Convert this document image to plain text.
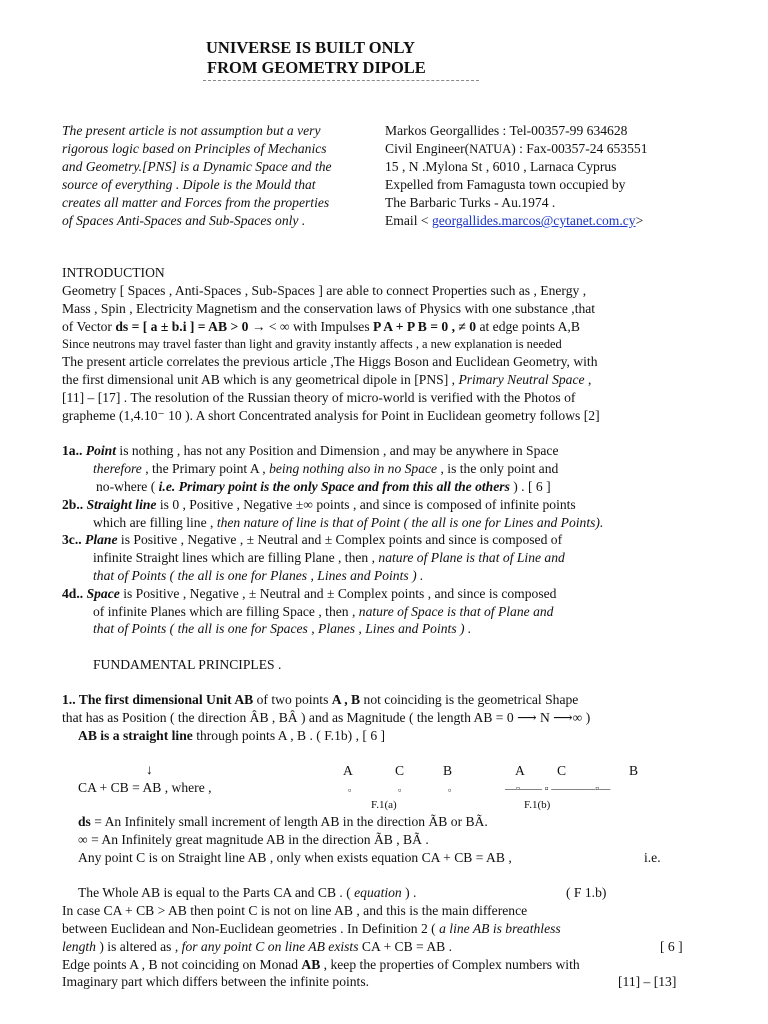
UNIVERSE IS BUILT ONLY
FROM GEOMETRY DIPOLE
The present article is not assumption but a very
rigorous logic based on Principles of Mechanics
and Geometry.[PNS] is a Dynamic Space and the
source of everything . Dipole is the Mould that
creates all matter and Forces from the properties
of Spaces Anti-Spaces and Sub-Spaces only .
Markos Georgallides : Tel-00357-99 634628
Civil Engineer(NATUA) : Fax-00357-24 653551
15 , N .Mylona St , 6010 , Larnaca Cyprus
Expelled from Famagusta town occupied by
The Barbaric Turks - Au.1974 .
Email < georgallides.marcos@cytanet.com.cy>
INTRODUCTION
Geometry [ Spaces , Anti-Spaces , Sub-Spaces ] are able to connect Properties such as , Energy ,
Mass , Spin , Electricity Magnetism and the conservation laws of Physics with one substance ,that
of Vector ds = [ a ± b.i ] = AB > 0 → < ∞ with Impulses P A + P B = 0 , ≠ 0 at edge points A,B
Since neutrons may travel faster than light and gravity instantly affects , a new explanation is needed
The present article correlates the previous article ,The Higgs Boson and Euclidean Geometry, with
the first dimensional unit AB which is any geometrical dipole in [PNS] , Primary Neutral Space ,
[11] – [17] . The resolution of the Russian theory of micro-world is verified with the Photos of
grapheme (1,4.10⁻ 10 ). A short Concentrated analysis for Point in Euclidean geometry follows [2]
1a.. Point is nothing , has not any Position and Dimension , and may be anywhere in Space
therefore , the Primary point A , being nothing also in no Space , is the only point and
no-where ( i.e. Primary point is the only Space and from this all the others ) . [ 6 ]
2b.. Straight line is 0 , Positive , Negative ±∞ points , and since is composed of infinite points
which are filling line , then nature of line is that of Point ( the all is one for Lines and Points).
3c.. Plane is Positive , Negative , ± Neutral and ± Complex points and since is composed of
infinite Straight lines which are filling Plane , then , nature of Plane is that of Line and
that of Points ( the all is one for Planes , Lines and Points ) .
4d.. Space is Positive , Negative , ± Neutral and ± Complex points , and since is composed
of infinite Planes which are filling Space , then , nature of Space is that of Plane and
that of Points ( the all is one for Spaces , Planes , Lines and Points ) .
FUNDAMENTAL PRINCIPLES .
1.. The first dimensional Unit AB of two points A , B not coinciding is the geometrical Shape
that has as Position ( the direction ÂB , BÂ ) and as Magnitude ( the length AB = 0 ⟶ N ⟶∞ )
AB is a straight line through points A , B . ( F.1b) , [ 6 ]
↓
CA + CB = AB , where ,
A	C	B
▫	▫	▫
F.1(a)
A C	B
—▫—— ▫ ————▫—
F.1(b)
ds = An Infinitely small increment of length AB in the direction ÃB or BÃ.
∞ = An Infinitely great magnitude AB in the direction ÃB , BÃ .
Any point C is on Straight line AB , only when exists equation CA + CB = AB ,	i.e.
The Whole AB is equal to the Parts CA and CB . ( equation ) .	( F 1.b)
In case CA + CB > AB then point C is not on line AB , and this is the main difference
between Euclidean and Non-Euclidean geometries . In Definition 2 ( a line AB is breathless
length ) is altered as , for any point C on line AB exists CA + CB = AB .	[ 6 ]
Edge points A , B not coinciding on Monad AB , keep the properties of Complex numbers with
Imaginary part which differs between the infinite points.	[11] – [13]
